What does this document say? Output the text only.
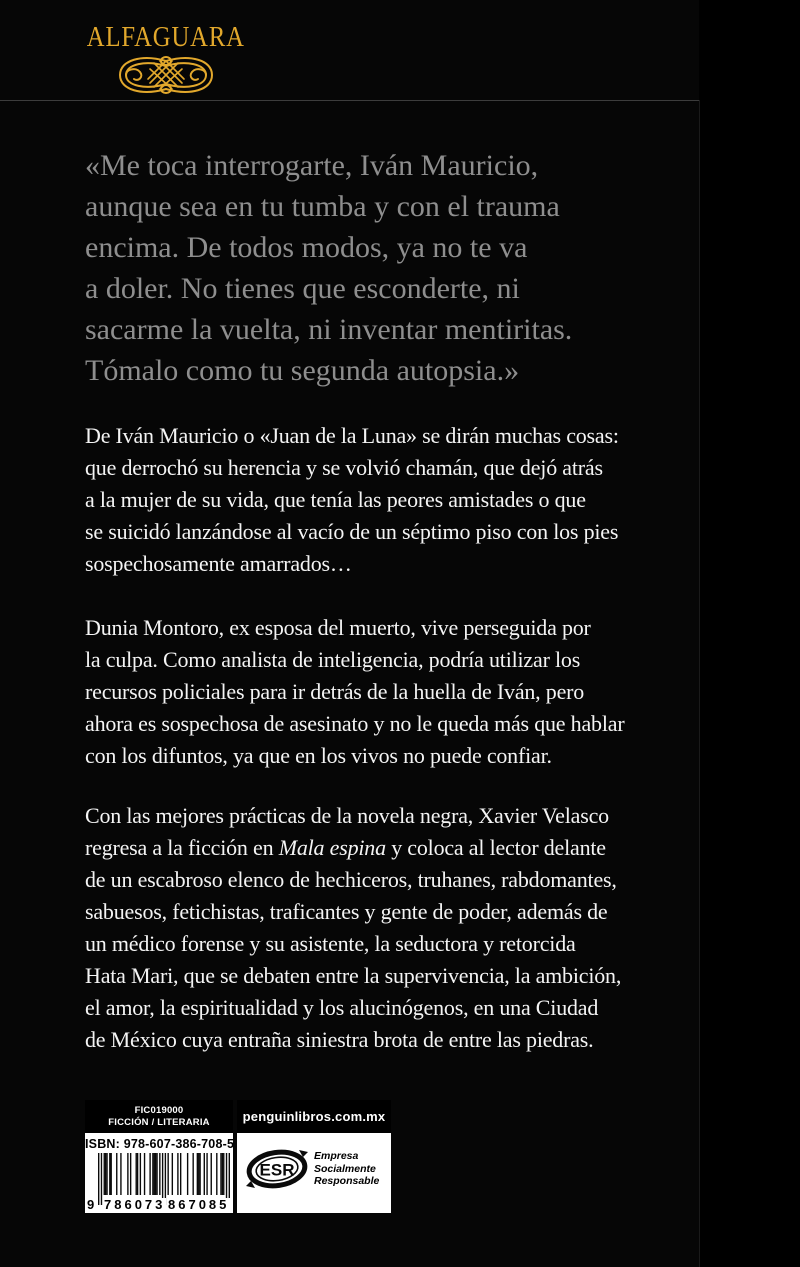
ALFAGUARA
«Me toca interrogarte, Iván Mauricio,
aunque sea en tu tumba y con el trauma
encima. De todos modos, ya no te va
a doler. No tienes que esconderte, ni
sacarme la vuelta, ni inventar mentiritas.
Tómalo como tu segunda autopsia.»
De Iván Mauricio o «Juan de la Luna» se dirán muchas cosas:
que derrochó su herencia y se volvió chamán, que dejó atrás
a la mujer de su vida, que tenía las peores amistades o que
se suicidó lanzándose al vacío de un séptimo piso con los pies
sospechosamente amarrados…
Dunia Montoro, ex esposa del muerto, vive perseguida por
la culpa. Como analista de inteligencia, podría utilizar los
recursos policiales para ir detrás de la huella de Iván, pero
ahora es sospechosa de asesinato y no le queda más que hablar
con los difuntos, ya que en los vivos no puede confiar.
Con las mejores prácticas de la novela negra, Xavier Velasco
regresa a la ficción en Mala espina y coloca al lector delante
de un escabroso elenco de hechiceros, truhanes, rabdomantes,
sabuesos, fetichistas, traficantes y gente de poder, además de
un médico forense y su asistente, la seductora y retorcida
Hata Mari, que se debaten entre la supervivencia, la ambición,
el amor, la espiritualidad y los alucinógenos, en una Ciudad
de México cuya entraña siniestra brota de entre las piedras.
FIC019000
FICCIÓN / LITERARIA
ISBN: 978-607-386-708-5
9 786073 867085
penguinlibros.com.mx
ESR
Empresa
Socialmente
Responsable
